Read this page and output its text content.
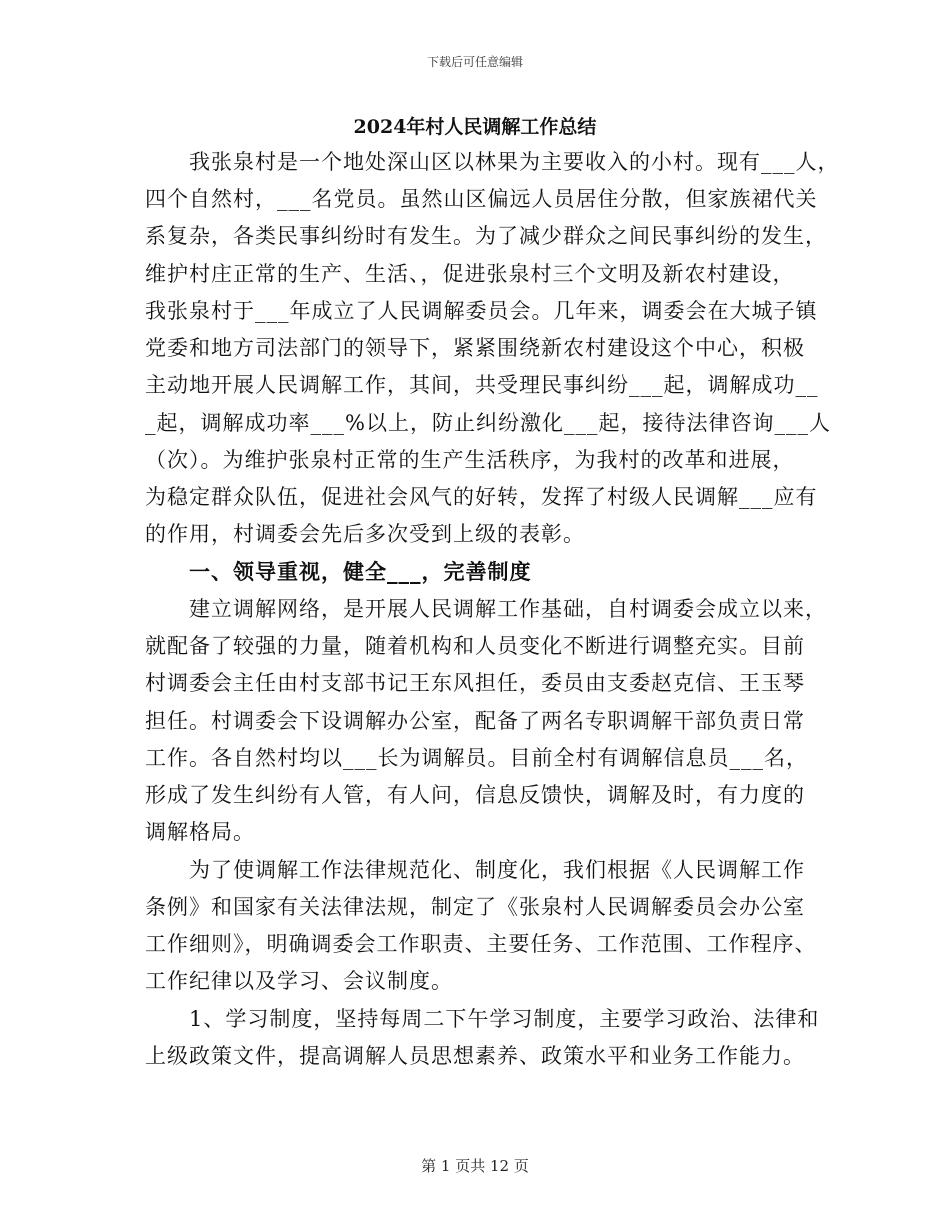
下载后可任意编辑
2024年村人民调解工作总结

　　我张泉村是一个地处深山区以林果为主要收入的小村。现有___人，

四个自然村，___名党员。虽然山区偏远人员居住分散，但家族裙代关

系复杂，各类民事纠纷时有发生。为了减少群众之间民事纠纷的发生，

维护村庄正常的生产、生活、，促进张泉村三个文明及新农村建设，

我张泉村于___年成立了人民调解委员会。几年来，调委会在大城子镇

党委和地方司法部门的领导下，紧紧围绕新农村建设这个中心，积极

主动地开展人民调解工作，其间，共受理民事纠纷___起，调解成功__

_起，调解成功率___%以上，防止纠纷激化___起，接待法律咨询___人

（次）。为维护张泉村正常的生产生活秩序，为我村的改革和进展，

为稳定群众队伍，促进社会风气的好转，发挥了村级人民调解___应有

的作用，村调委会先后多次受到上级的表彰。

　　一、领导重视，健全___，完善制度

　　建立调解网络，是开展人民调解工作基础，自村调委会成立以来，

就配备了较强的力量，随着机构和人员变化不断进行调整充实。目前

村调委会主任由村支部书记王东风担任，委员由支委赵克信、王玉琴

担任。村调委会下设调解办公室，配备了两名专职调解干部负责日常

工作。各自然村均以___长为调解员。目前全村有调解信息员___名，

形成了发生纠纷有人管，有人问，信息反馈快，调解及时，有力度的

调解格局。

　　为了使调解工作法律规范化、制度化，我们根据《人民调解工作

条例》和国家有关法律法规，制定了《张泉村人民调解委员会办公室

工作细则》，明确调委会工作职责、主要任务、工作范围、工作程序、

工作纪律以及学习、会议制度。

　　1、学习制度，坚持每周二下午学习制度，主要学习政治、法律和

上级政策文件，提高调解人员思想素养、政策水平和业务工作能力。

第 1 页共 12 页
